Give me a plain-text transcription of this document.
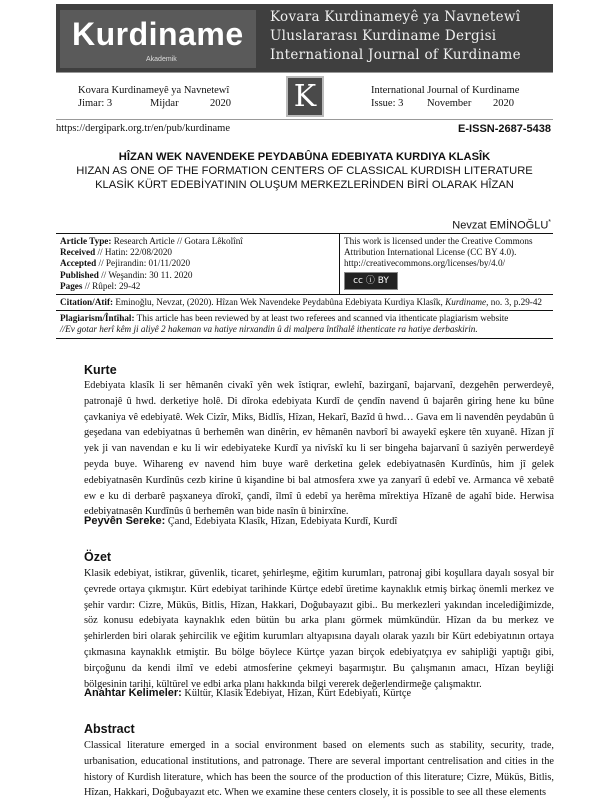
Kurdiname
Akademik
Kovara Kurdinameyê ya Navnetewî
Uluslararası Kurdiname Dergisi
International Journal of Kurdiname
Kovara Kurdinameyê ya Navnetewî
Jimar: 3	Mijdar	2020 K	International Journal of Kurdiname
Issue: 3 November 2020
https://dergipark.org.tr/en/pub/kurdiname	E-ISSN-2687-5438
HÎZAN WEK NAVENDEKE PEYDABÛNA EDEBIYATA KURDIYA KLASÎK
HIZAN AS ONE OF THE FORMATION CENTERS OF CLASSICAL KURDISH LITERATURE
KLASİK KÜRT EDEBİYATININ OLUŞUM MERKEZLERİNDEN BİRİ OLARAK HÎZAN
Nevzat EMİNOĞLU*
Article Type: Research Article // Gotara Lêkolînî
Received // Hatin: 22/08/2020
Accepted // Pejirandin: 01/11/2020
Published // Weşandin: 30 11. 2020
Pages // Rûpel: 29-42
This work is licensed under the Creative Commons
Attribution International License (CC BY 4.0).
http://creativecommons.org/licenses/by/4.0/
cc ⓘ BY
Citation/Atif: Eminoğlu, Nevzat, (2020). Hîzan Wek Navendeke Peydabûna Edebiyata Kurdiya Klasîk, Kurdiname, no. 3, p.29-42
Plagiarism/Întîhal: This article has been reviewed by at least two referees and scanned via ithenticate plagiarism website
//Ev gotar herî kêm ji aliyê 2 hakeman va hatiye nirxandin û di malpera întîhalê ithenticate ra hatiye derbaskirin.
Kurte
Edebiyata klasîk li ser hêmanên civakî yên wek îstiqrar, ewlehî, bazirganî, bajarvanî, dezgehên perwerdeyê, patronajê û hwd. derketiye holê. Di dîroka edebiyata Kurdî de çendîn navend û bajarên giring hene ku bûne çavkaniya vê edebiyatê. Wek Cizîr, Miks, Bidlîs, Hîzan, Hekarî, Bazîd û hwd… Gava em li navendên peydabûn û geşedana van edebiyatnas û berhemên wan dinêrin, ev hêmanên navborî bi awayekî eşkere tên xuyanê. Hîzan jî yek ji van navendan e ku li wir edebiyateke Kurdî ya nivîskî ku li ser bingeha bajarvanî û saziyên perwerdeyê peyda buye. Wihareng ev navend him buye warê derketina gelek edebiyatnasên Kurdînûs, him jî gelek edebiyatnasên Kurdînûs cezb kirine û kişandine bi bal atmosfera xwe ya zanyarî û edebî ve. Armanca vê xebatê ew e ku di derbarê paşxaneya dîrokî, çandî, îlmî û edebî ya herêma mîrektiya Hîzanê de agahî bide. Herwisa edebiyatnasên Kurdînûs û berhemên wan bide nasîn û binirxîne.
Peyvên Sereke: Çand, Edebiyata Klasîk, Hîzan, Edebiyata Kurdî, Kurdî
Özet
Klasik edebiyat, istikrar, güvenlik, ticaret, şehirleşme, eğitim kurumları, patronaj gibi koşullara dayalı sosyal bir çevrede ortaya çıkmıştır. Kürt edebiyat tarihinde Kürtçe edebî üretime kaynaklık etmiş birkaç önemli merkez ve şehir vardır: Cizre, Müküs, Bitlis, Hîzan, Hakkari, Doğubayazıt gibi.. Bu merkezleri yakından incelediğimizde, söz konusu edebiyata kaynaklık eden bütün bu arka planı görmek mümkündür. Hîzan da bu merkez ve şehirlerden biri olarak şehircilik ve eğitim kurumları altyapısına dayalı olarak yazılı bir Kürt edebiyatının ortaya çıkmasına kaynaklık etmiştir. Bu bölge böylece Kürtçe yazan birçok edebiyatçıya ev sahipliği yaptığı gibi, birçoğunu da kendi ilmî ve edebi atmosferine çekmeyi başarmıştır. Bu çalışmanın amacı, Hîzan beyliği bölgesinin tarihi, kültürel ve edbi arka planı hakkında bilgi vererek değerlendirmeğe çalışmaktır.
Anahtar Kelimeler: Kültür, Klasik Edebiyat, Hîzan, Kürt Edebiyatı, Kürtçe
Abstract
Classical literature emerged in a social environment based on elements such as stability, security, trade, urbanisation, educational institutions, and patronage. There are several important centrelisation and cities in the history of Kurdish literature, which has been the source of the production of this literature; Cizre, Müküs, Bitlis, Hîzan, Hakkari, Doğubayazıt etc. When we examine these centers closely, it is possible to see all these elements
